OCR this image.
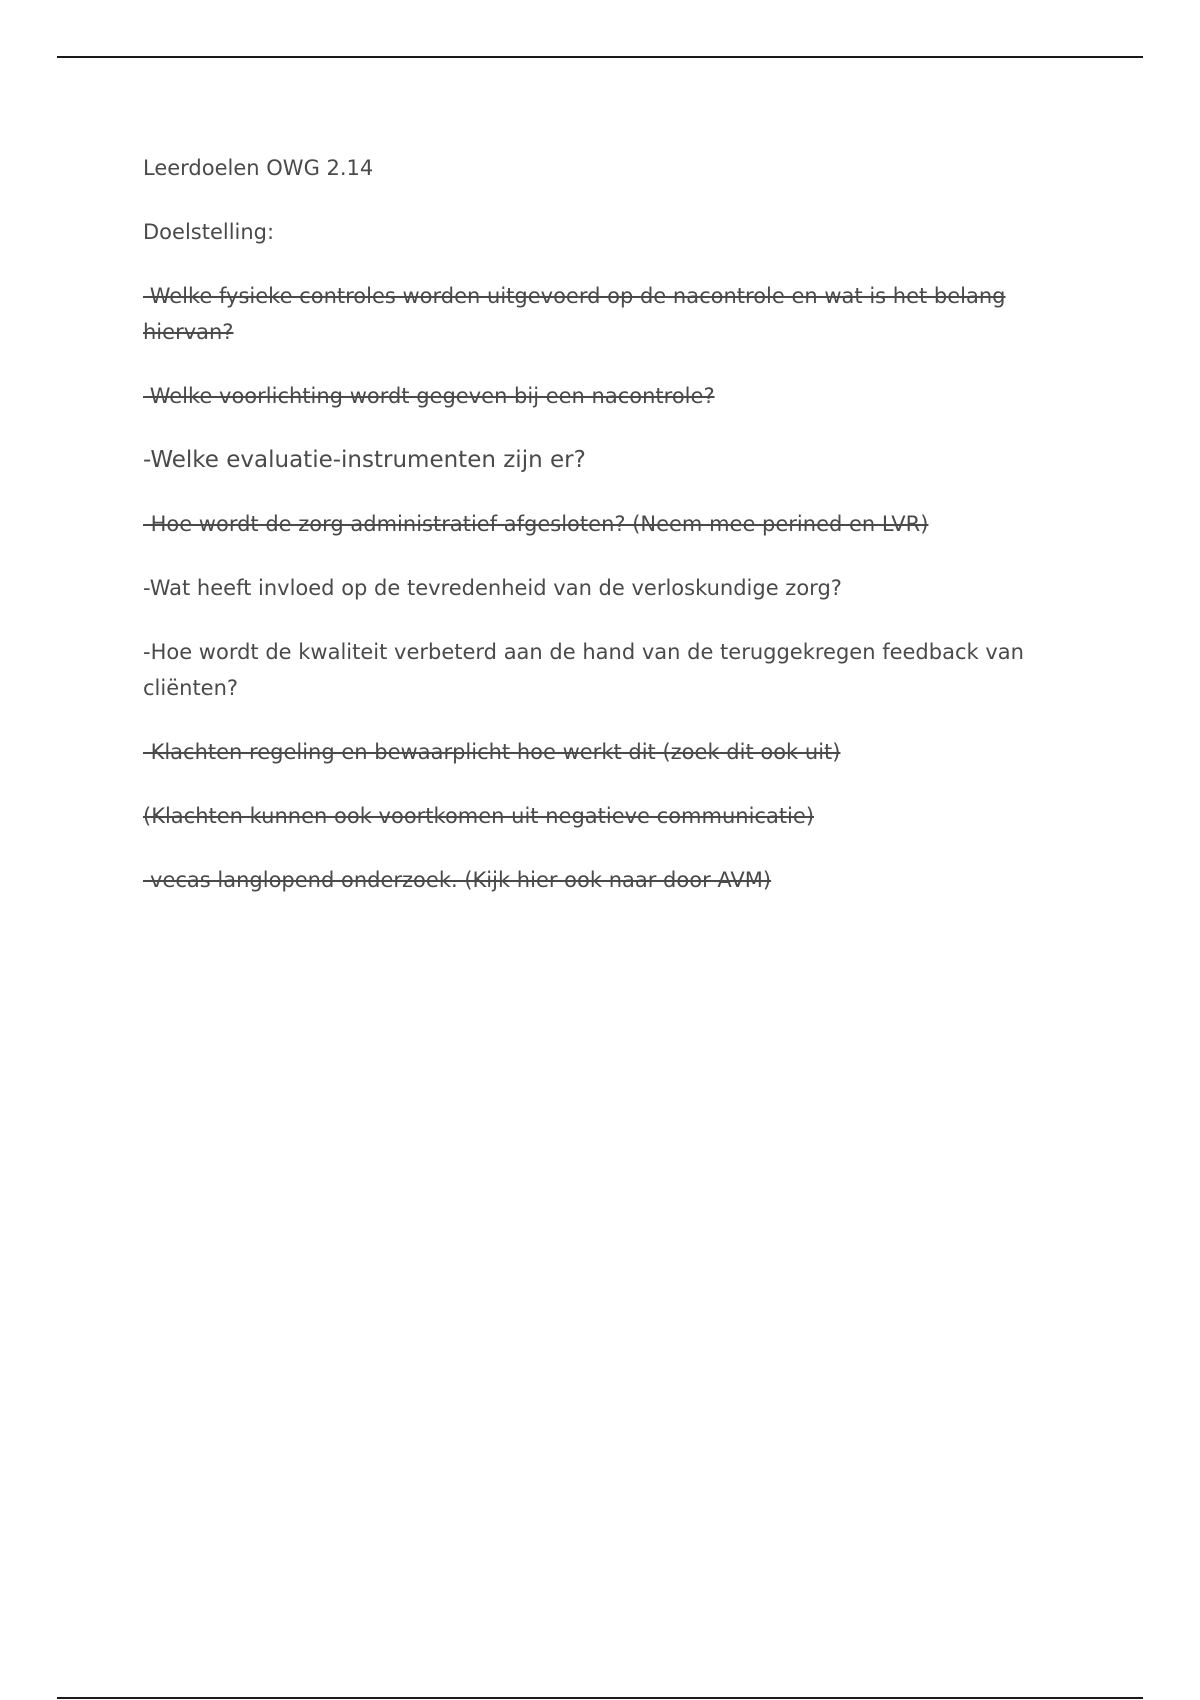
Leerdoelen OWG 2.14

Doelstelling:

-Welke fysieke controles worden uitgevoerd op de nacontrole en wat is het belang hiervan?

-Welke voorlichting wordt gegeven bij een nacontrole?

-Welke evaluatie-instrumenten zijn er?

-Hoe wordt de zorg administratief afgesloten? (Neem mee perined en LVR)

-Wat heeft invloed op de tevredenheid van de verloskundige zorg?

-Hoe wordt de kwaliteit verbeterd aan de hand van de teruggekregen feedback van cliënten?

-Klachten regeling en bewaarplicht hoe werkt dit (zoek dit ook uit)

(Klachten kunnen ook voortkomen uit negatieve communicatie)

-vecas langlopend onderzoek. (Kijk hier ook naar door AVM)
